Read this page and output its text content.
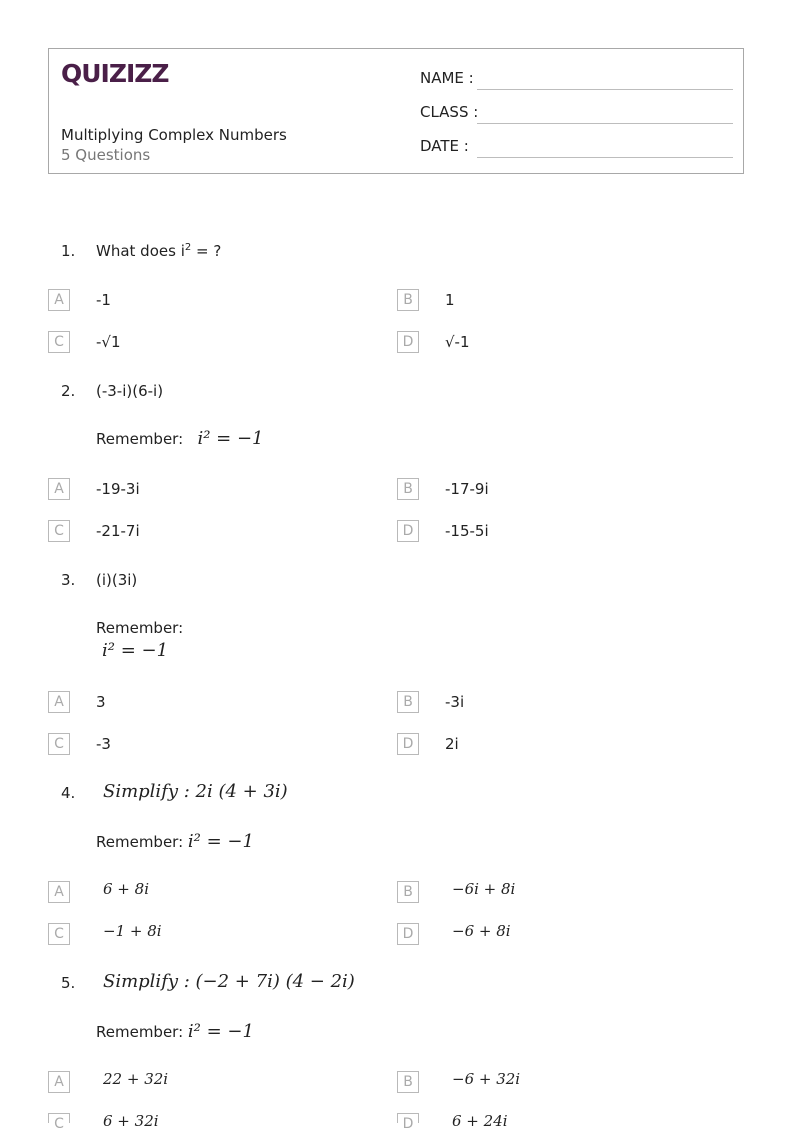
QUIZIZZ
Multiplying Complex Numbers
5 Questions
NAME :
CLASS :
DATE :
1. What does $i^2$ = ?
A	-1	B	1
C	-√1	D	√-1
2. (-3-i)(6-i)
Remember: i² = −1
A	-19-3i	B	-17-9i
C	-21-7i	D	-15-5i
3. (i)(3i)
Remember:
i² = −1
A	3	B	-3i
C	-3	D	2i
4. Simplify : 2i (4 + 3i)
Remember: i² = −1
A	6 + 8i	B	−6i + 8i
C	−1 + 8i	D	−6 + 8i
5. Simplify : (−2 + 7i) (4 − 2i)
Remember: i² = −1
A	22 + 32i	B	−6 + 32i
C	6 + 32i	D	6 + 24i
